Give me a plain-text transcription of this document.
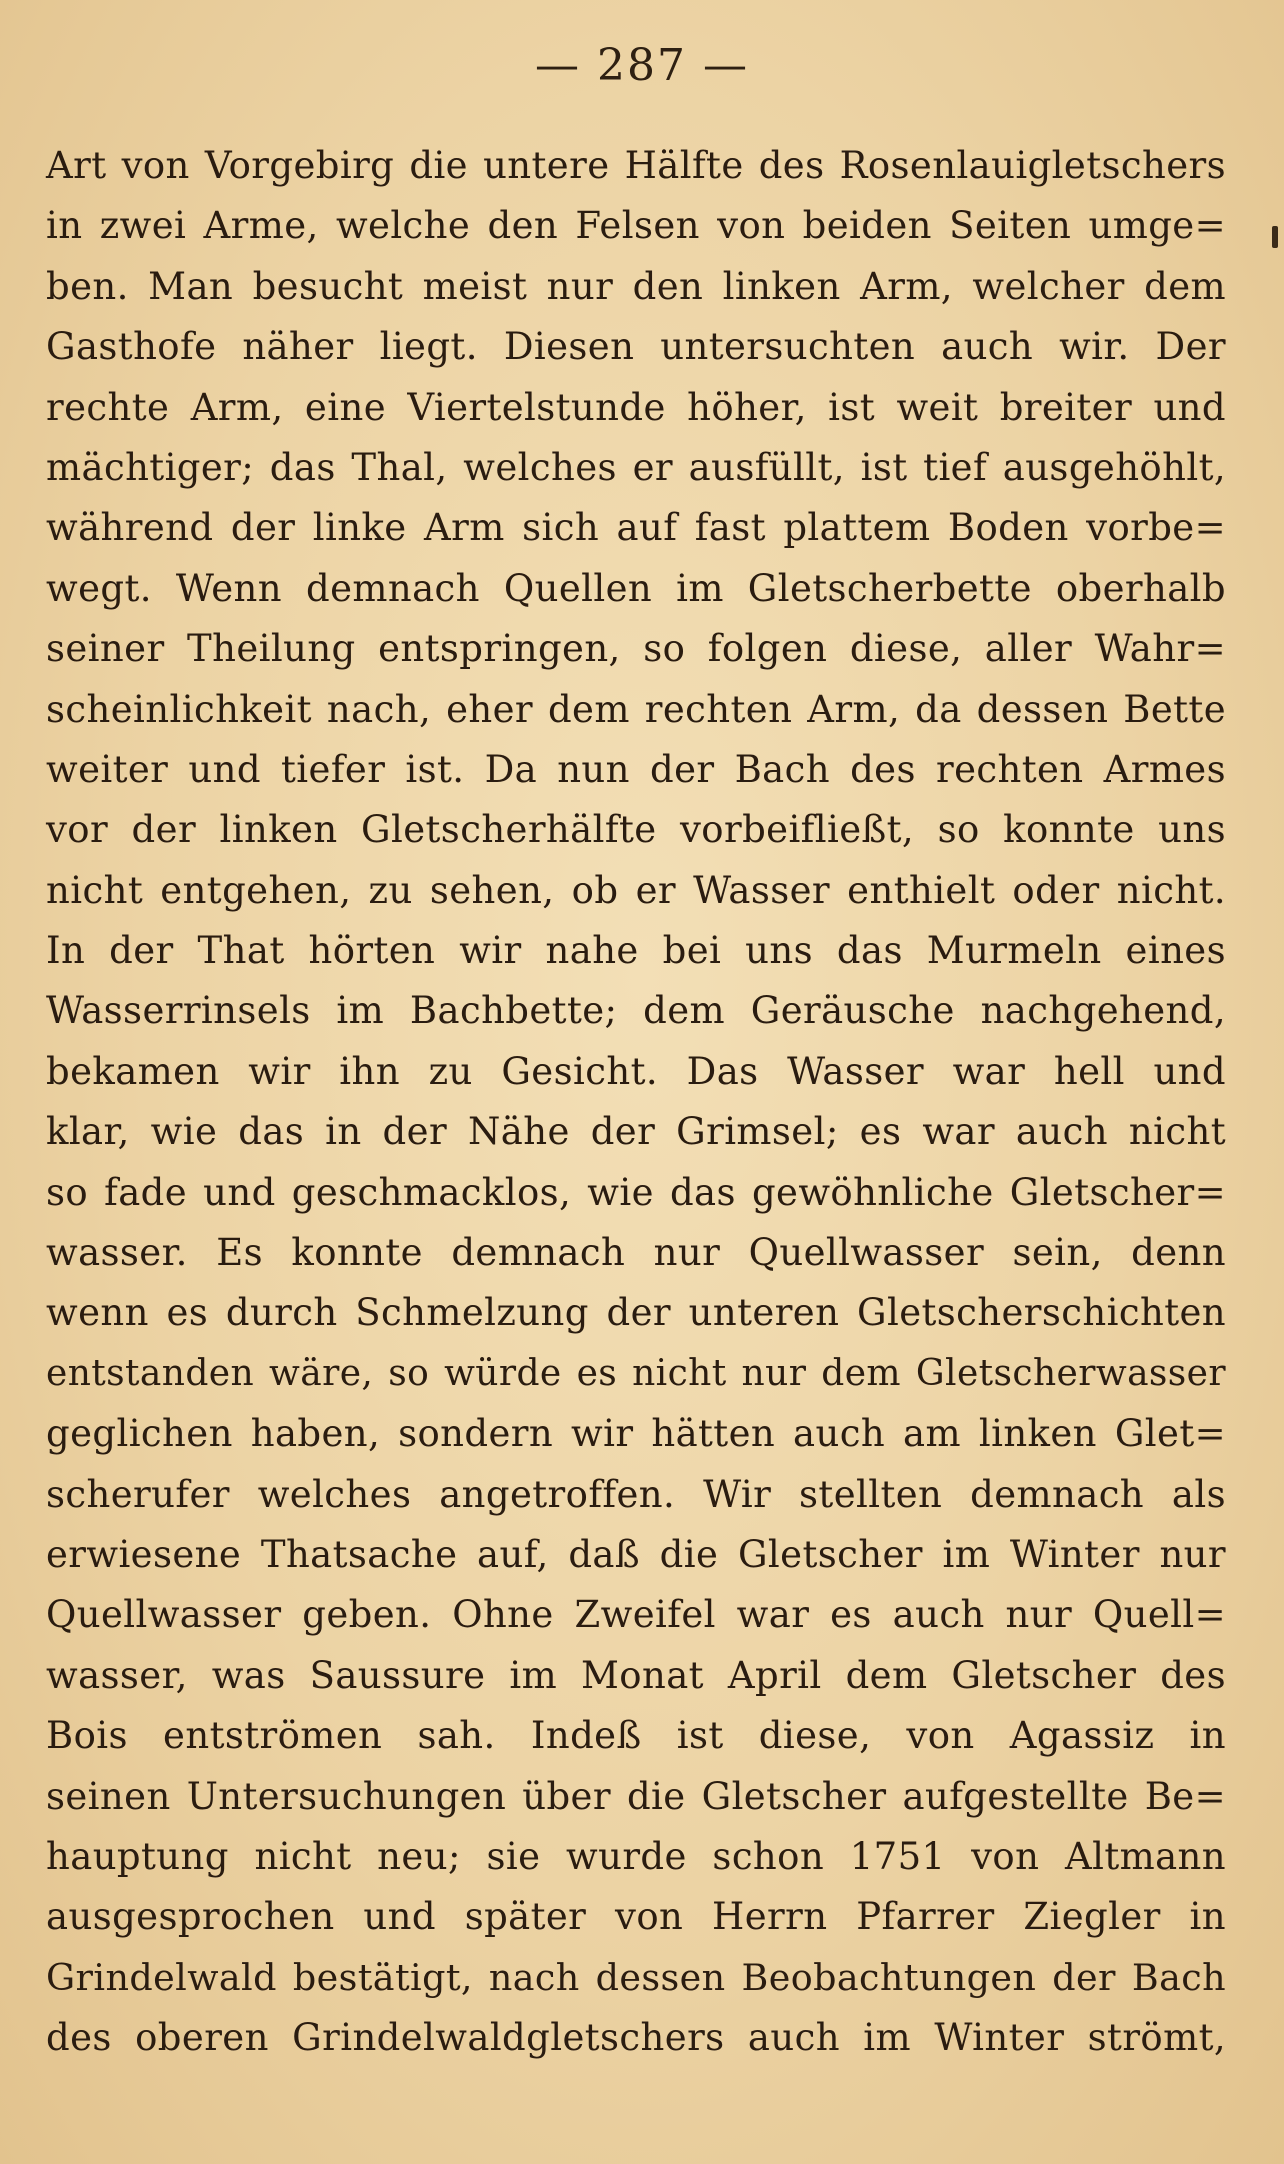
— 287 —
Art von Vorgebirg die untere Hälfte des Rosenlauigletschers
in zwei Arme, welche den Felsen von beiden Seiten umge=
ben. Man besucht meist nur den linken Arm, welcher dem
Gasthofe näher liegt. Diesen untersuchten auch wir. Der
rechte Arm, eine Viertelstunde höher, ist weit breiter und
mächtiger; das Thal, welches er ausfüllt, ist tief ausgehöhlt,
während der linke Arm sich auf fast plattem Boden vorbe=
wegt. Wenn demnach Quellen im Gletscherbette oberhalb
seiner Theilung entspringen, so folgen diese, aller Wahr=
scheinlichkeit nach, eher dem rechten Arm, da dessen Bette
weiter und tiefer ist. Da nun der Bach des rechten Armes
vor der linken Gletscherhälfte vorbeifließt, so konnte uns
nicht entgehen, zu sehen, ob er Wasser enthielt oder nicht.
In der That hörten wir nahe bei uns das Murmeln eines
Wasserrinsels im Bachbette; dem Geräusche nachgehend,
bekamen wir ihn zu Gesicht. Das Wasser war hell und
klar, wie das in der Nähe der Grimsel; es war auch nicht
so fade und geschmacklos, wie das gewöhnliche Gletscher=
wasser. Es konnte demnach nur Quellwasser sein, denn
wenn es durch Schmelzung der unteren Gletscherschichten
entstanden wäre, so würde es nicht nur dem Gletscherwasser
geglichen haben, sondern wir hätten auch am linken Glet=
scherufer welches angetroffen. Wir stellten demnach als
erwiesene Thatsache auf, daß die Gletscher im Winter nur
Quellwasser geben. Ohne Zweifel war es auch nur Quell=
wasser, was Saussure im Monat April dem Gletscher des
Bois entströmen sah. Indeß ist diese, von Agassiz in
seinen Untersuchungen über die Gletscher aufgestellte Be=
hauptung nicht neu; sie wurde schon 1751 von Altmann
ausgesprochen und später von Herrn Pfarrer Ziegler in
Grindelwald bestätigt, nach dessen Beobachtungen der Bach
des oberen Grindelwaldgletschers auch im Winter strömt,
